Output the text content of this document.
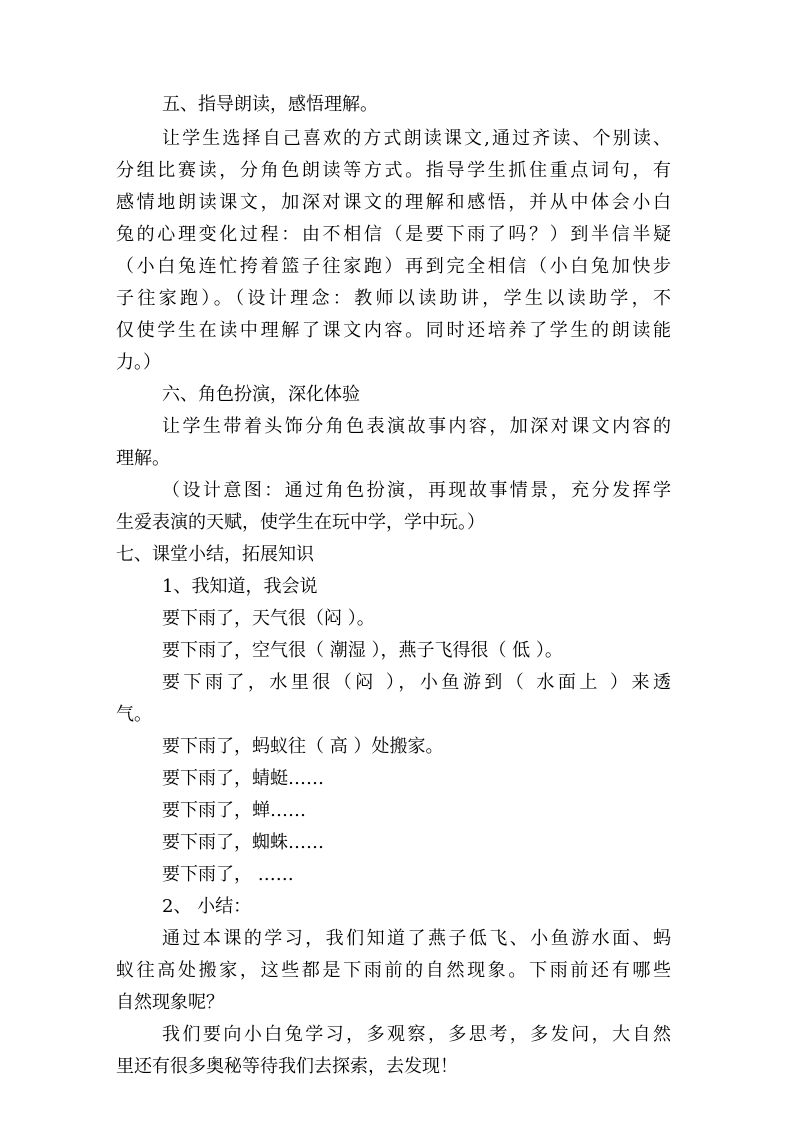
五、指导朗读，感悟理解。
让学生选择自己喜欢的方式朗读课文,通过齐读、个别读、
分组比赛读，分角色朗读等方式。指导学生抓住重点词句，有
感情地朗读课文，加深对课文的理解和感悟，并从中体会小白
兔的心理变化过程：由不相信（是要下雨了吗？）到半信半疑
（小白兔连忙挎着篮子往家跑）再到完全相信（小白兔加快步
子往家跑）。（设计理念：教师以读助讲，学生以读助学，不
仅使学生在读中理解了课文内容。同时还培养了学生的朗读能
力。）
六、角色扮演，深化体验
让学生带着头饰分角色表演故事内容，加深对课文内容的
理解。
（设计意图：通过角色扮演，再现故事情景，充分发挥学
生爱表演的天赋，使学生在玩中学，学中玩。）
七、课堂小结，拓展知识
1、我知道，我会说
要下雨了，天气很（闷 ）。
要下雨了，空气很（ 潮湿 ），燕子飞得很（ 低 ）。
要下雨了，水里很（闷 ），小鱼游到（ 水面上 ）来透
气。
要下雨了，蚂蚁往（ 高 ）处搬家。
要下雨了，蜻蜓……
要下雨了，蝉……
要下雨了，蜘蛛……
要下雨了， ……
2、 小结：
通过本课的学习，我们知道了燕子低飞、小鱼游水面、蚂
蚁往高处搬家，这些都是下雨前的自然现象。下雨前还有哪些
自然现象呢？
我们要向小白兔学习，多观察，多思考，多发问，大自然
里还有很多奥秘等待我们去探索，去发现！
